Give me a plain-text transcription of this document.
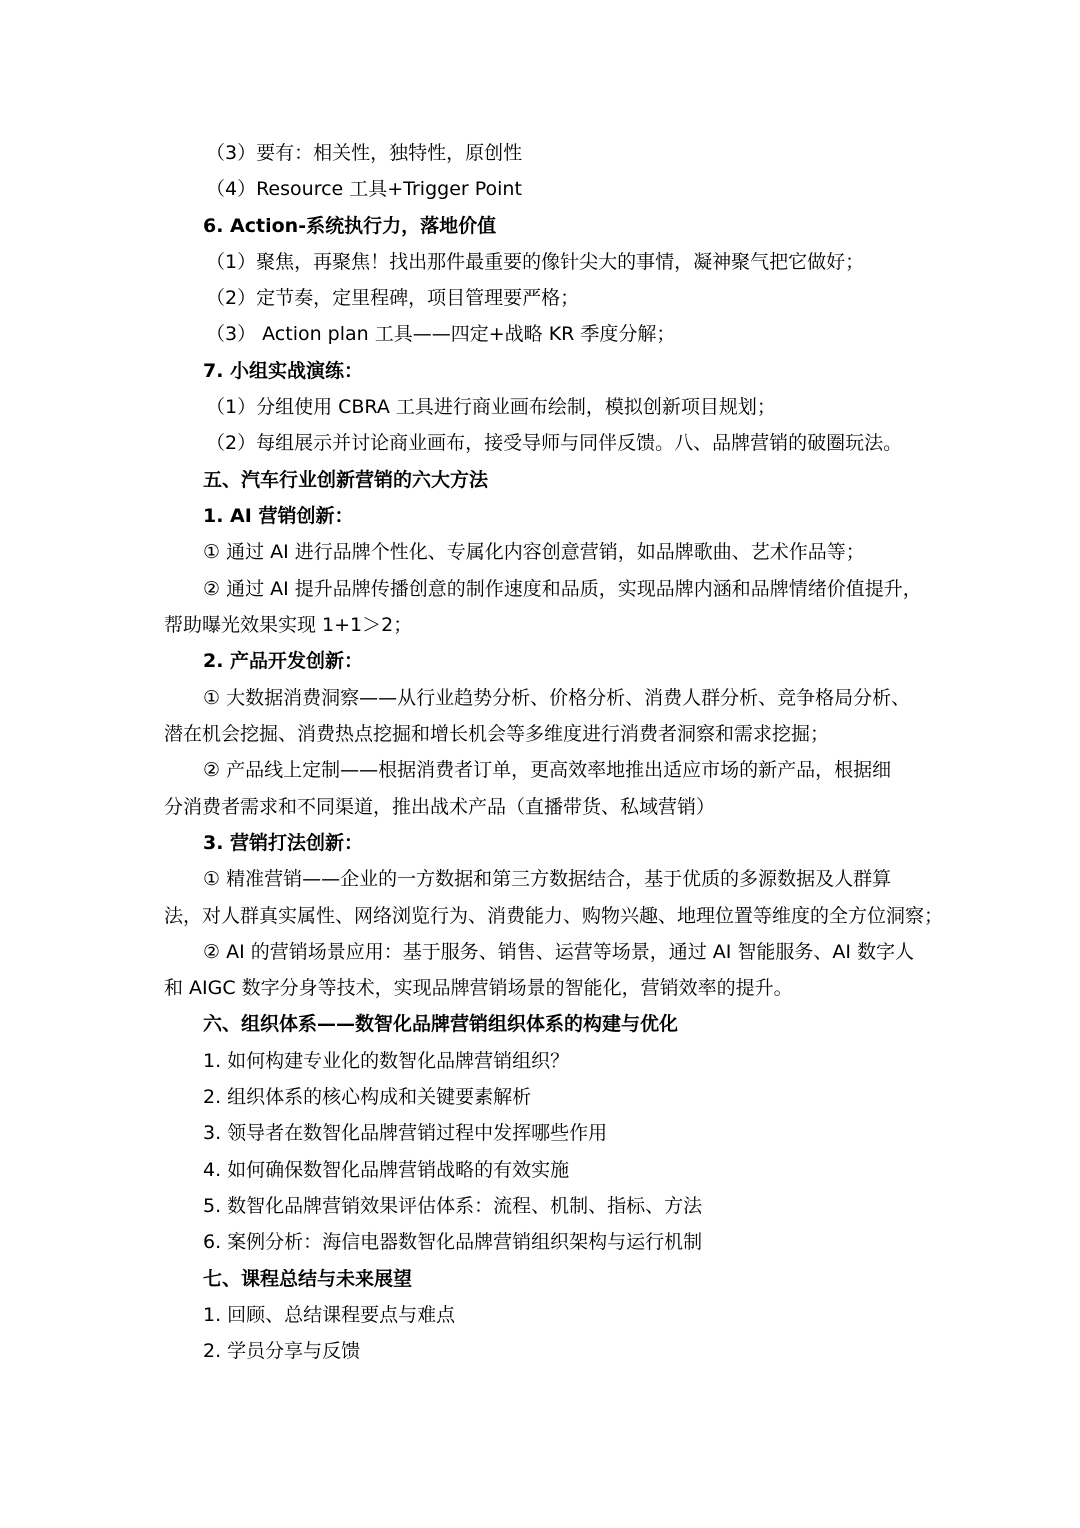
（3）要有：相关性，独特性，原创性
（4）Resource 工具+Trigger Point
6. Action-系统执行力，落地价值
（1）聚焦，再聚焦！找出那件最重要的像针尖大的事情，凝神聚气把它做好；
（2）定节奏，定里程碑，项目管理要严格；
（3） Action plan 工具——四定+战略 KR 季度分解；
7. 小组实战演练：
（1）分组使用 CBRA 工具进行商业画布绘制，模拟创新项目规划；
（2）每组展示并讨论商业画布，接受导师与同伴反馈。八、品牌营销的破圈玩法。
五、汽车行业创新营销的六大方法
1. AI 营销创新：
① 通过 AI 进行品牌个性化、专属化内容创意营销，如品牌歌曲、艺术作品等；
② 通过 AI 提升品牌传播创意的制作速度和品质，实现品牌内涵和品牌情绪价值提升，
帮助曝光效果实现 1+1＞2；
2. 产品开发创新：
① 大数据消费洞察——从行业趋势分析、价格分析、消费人群分析、竞争格局分析、
潜在机会挖掘、消费热点挖掘和增长机会等多维度进行消费者洞察和需求挖掘；
② 产品线上定制——根据消费者订单，更高效率地推出适应市场的新产品，根据细
分消费者需求和不同渠道，推出战术产品（直播带货、私域营销）
3. 营销打法创新：
① 精准营销——企业的一方数据和第三方数据结合，基于优质的多源数据及人群算
法，对人群真实属性、网络浏览行为、消费能力、购物兴趣、地理位置等维度的全方位洞察；
② AI 的营销场景应用：基于服务、销售、运营等场景，通过 AI 智能服务、AI 数字人
和 AIGC 数字分身等技术，实现品牌营销场景的智能化，营销效率的提升。
六、组织体系——数智化品牌营销组织体系的构建与优化
1. 如何构建专业化的数智化品牌营销组织？
2. 组织体系的核心构成和关键要素解析
3. 领导者在数智化品牌营销过程中发挥哪些作用
4. 如何确保数智化品牌营销战略的有效实施
5. 数智化品牌营销效果评估体系：流程、机制、指标、方法
6. 案例分析：海信电器数智化品牌营销组织架构与运行机制
七、课程总结与未来展望
1. 回顾、总结课程要点与难点
2. 学员分享与反馈
